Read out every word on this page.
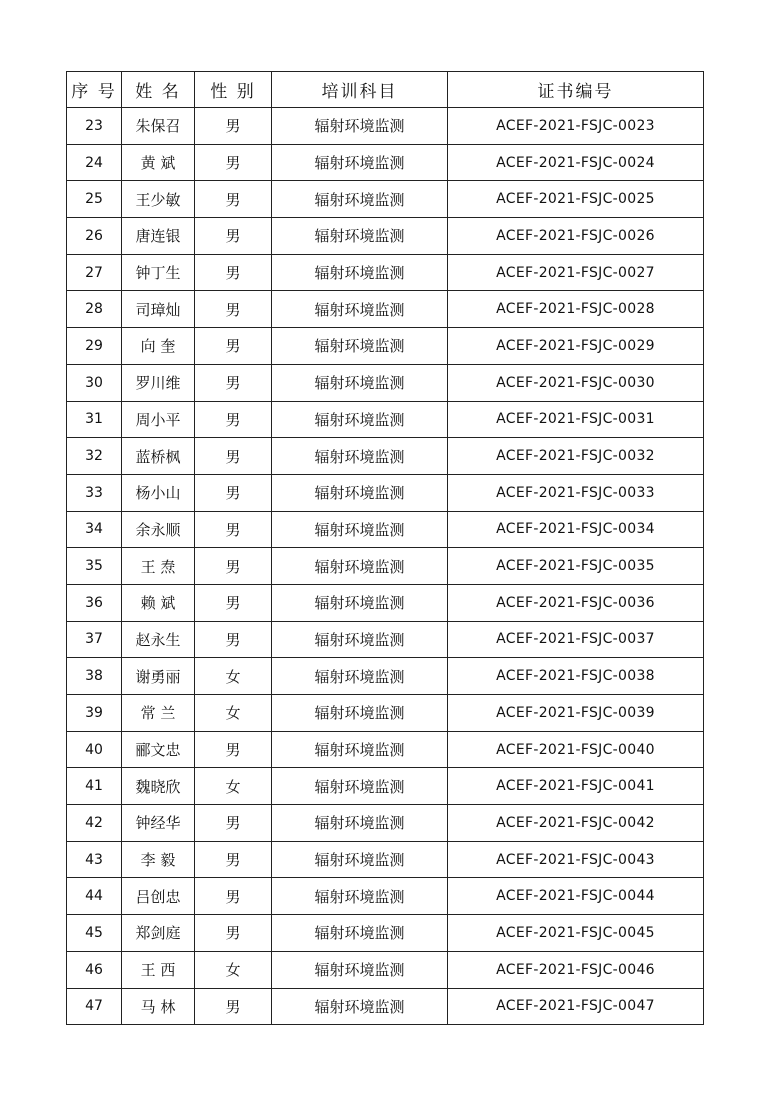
序 号	姓 名	性 别	培训科目	证书编号
23	朱保召	男	辐射环境监测	ACEF-2021-FSJC-0023
24	黄 斌	男	辐射环境监测	ACEF-2021-FSJC-0024
25	王少敏	男	辐射环境监测	ACEF-2021-FSJC-0025
26	唐连银	男	辐射环境监测	ACEF-2021-FSJC-0026
27	钟丁生	男	辐射环境监测	ACEF-2021-FSJC-0027
28	司璋灿	男	辐射环境监测	ACEF-2021-FSJC-0028
29	向 奎	男	辐射环境监测	ACEF-2021-FSJC-0029
30	罗川维	男	辐射环境监测	ACEF-2021-FSJC-0030
31	周小平	男	辐射环境监测	ACEF-2021-FSJC-0031
32	蓝桥枫	男	辐射环境监测	ACEF-2021-FSJC-0032
33	杨小山	男	辐射环境监测	ACEF-2021-FSJC-0033
34	余永顺	男	辐射环境监测	ACEF-2021-FSJC-0034
35	王 焘	男	辐射环境监测	ACEF-2021-FSJC-0035
36	赖 斌	男	辐射环境监测	ACEF-2021-FSJC-0036
37	赵永生	男	辐射环境监测	ACEF-2021-FSJC-0037
38	谢勇丽	女	辐射环境监测	ACEF-2021-FSJC-0038
39	常 兰	女	辐射环境监测	ACEF-2021-FSJC-0039
40	郦文忠	男	辐射环境监测	ACEF-2021-FSJC-0040
41	魏晓欣	女	辐射环境监测	ACEF-2021-FSJC-0041
42	钟经华	男	辐射环境监测	ACEF-2021-FSJC-0042
43	李 毅	男	辐射环境监测	ACEF-2021-FSJC-0043
44	吕创忠	男	辐射环境监测	ACEF-2021-FSJC-0044
45	郑剑庭	男	辐射环境监测	ACEF-2021-FSJC-0045
46	王 西	女	辐射环境监测	ACEF-2021-FSJC-0046
47	马 林	男	辐射环境监测	ACEF-2021-FSJC-0047
